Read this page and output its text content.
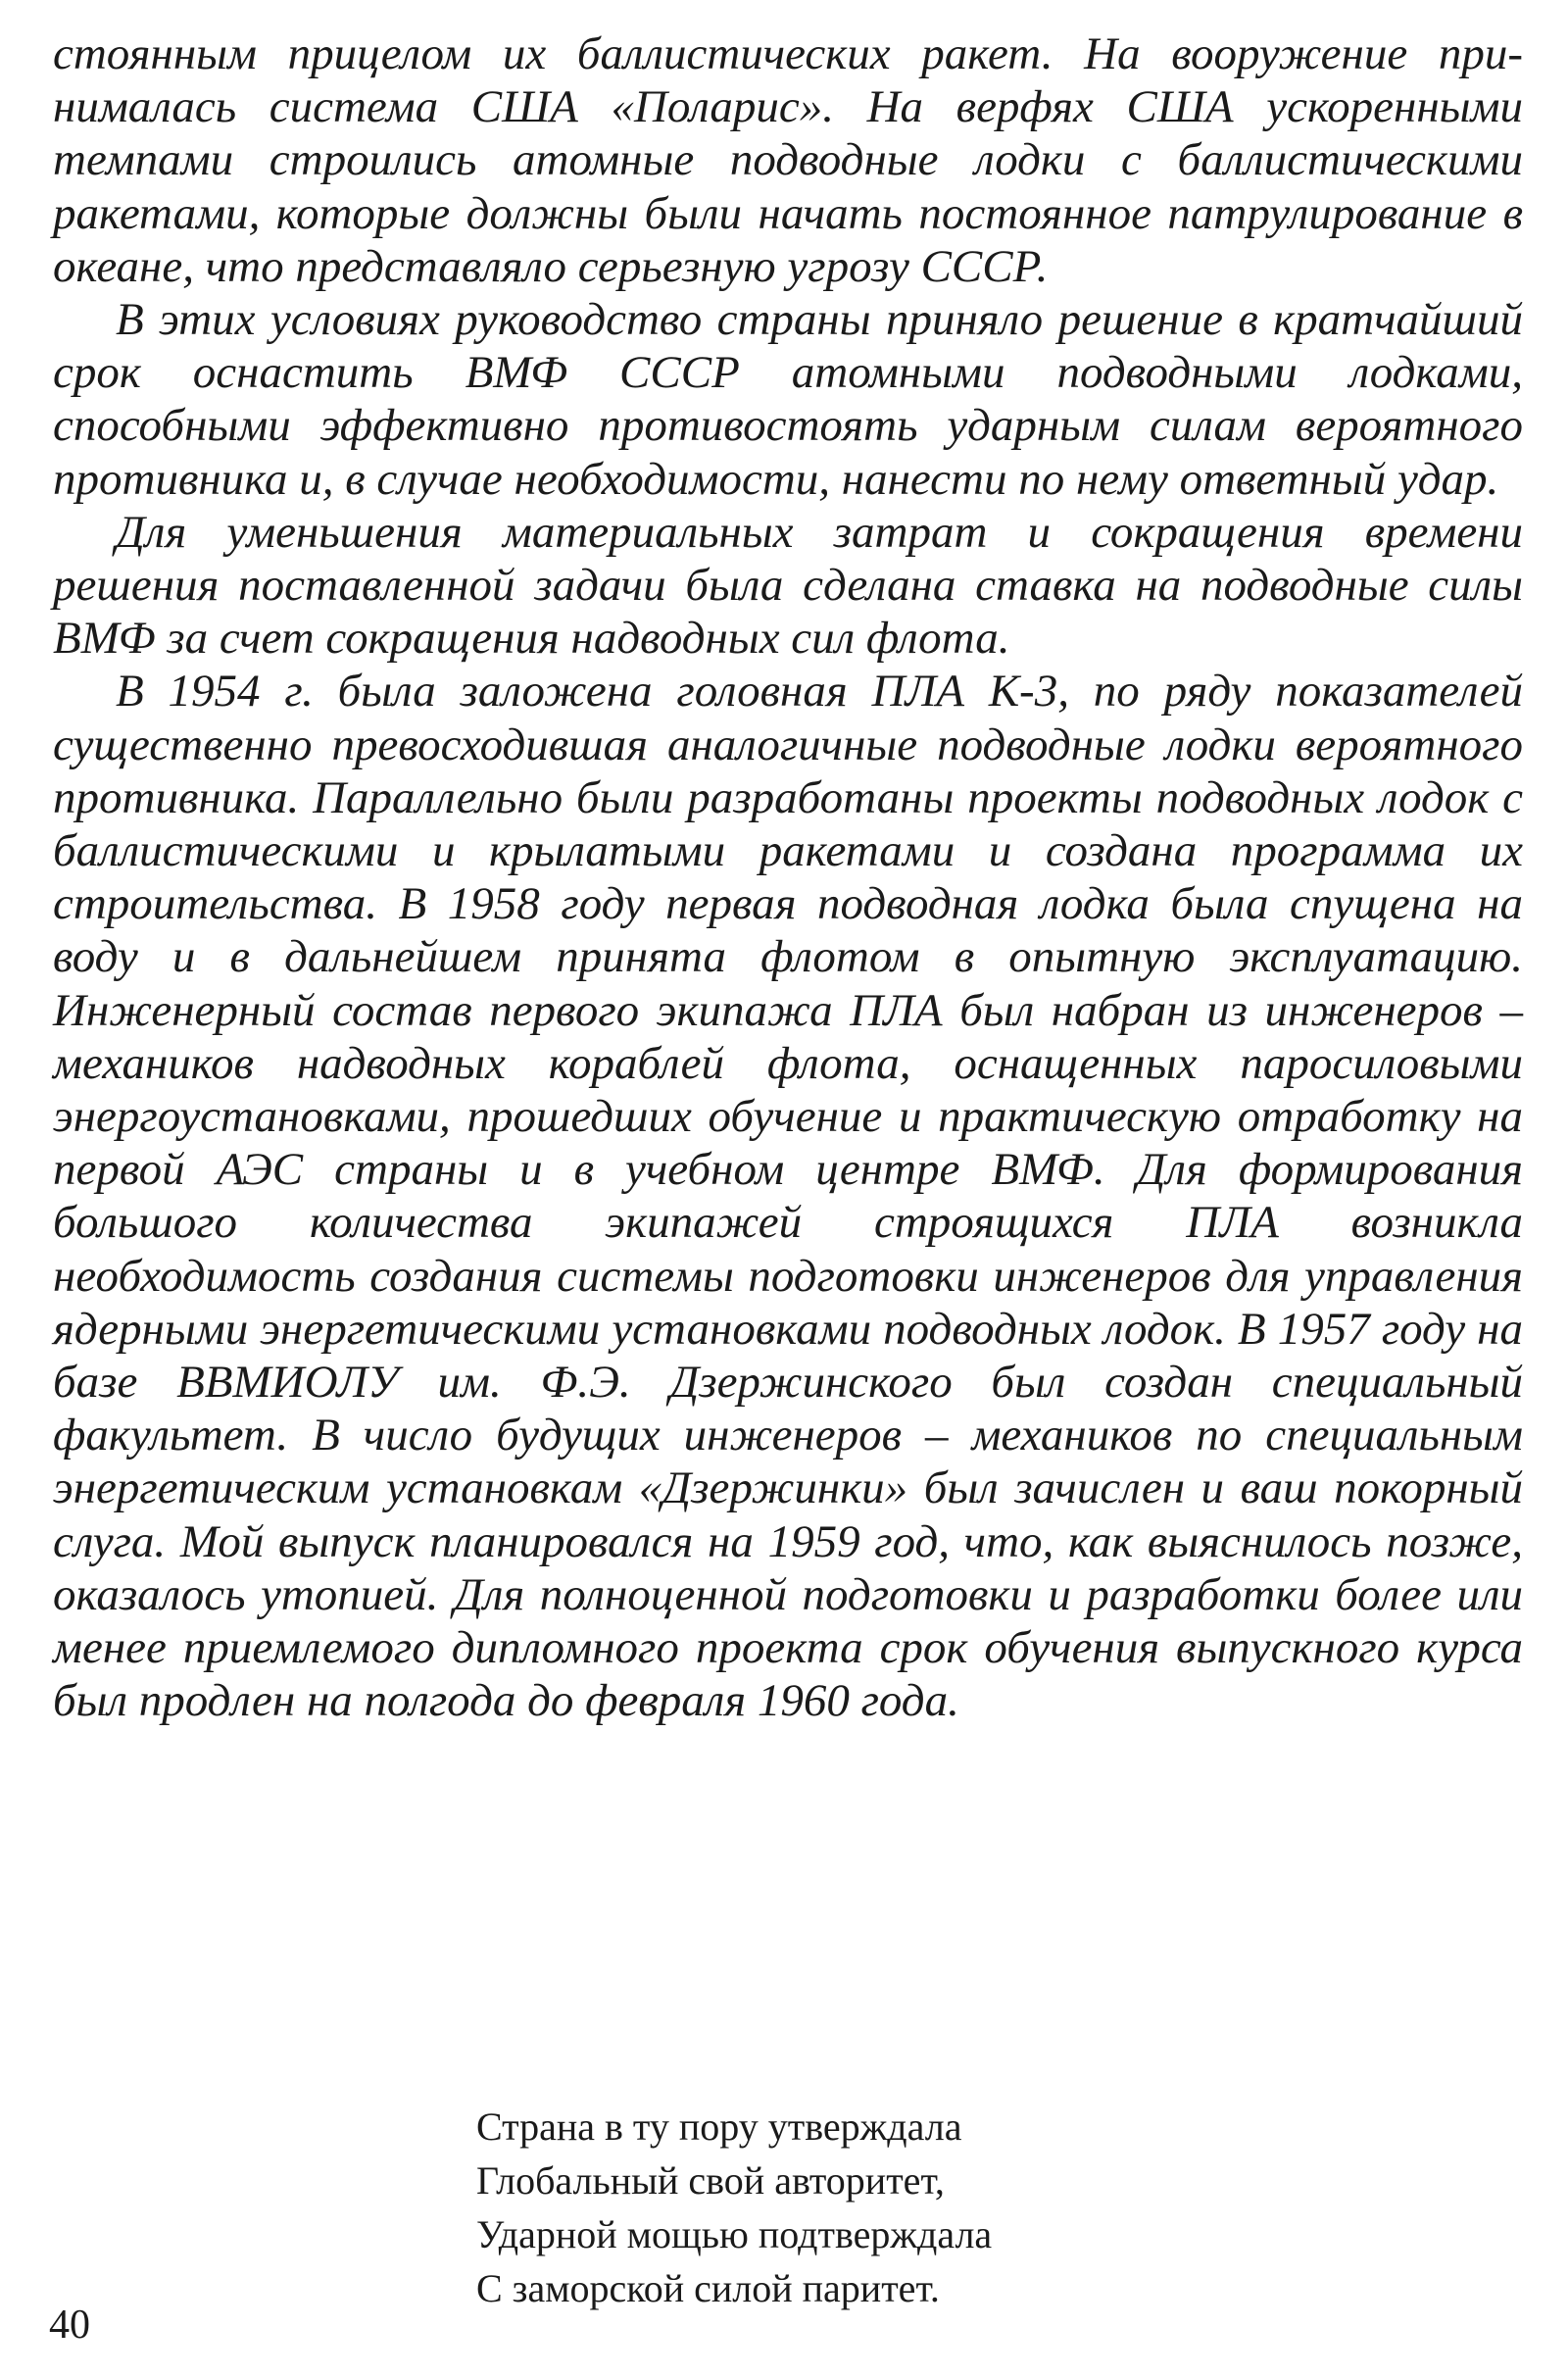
стоянным прицелом их баллистических ракет. На вооружение принималась система США «Поларис». На верфях США ускоренными темпами строились атомные подводные лодки с баллистическими ракетами, которые должны были начать постоянное патрулирование в океане, что представляло серьезную угрозу СССР.

В этих условиях руководство страны приняло решение в кратчайший срок оснастить ВМФ СССР атомными подводными лодками, способными эффективно противостоять ударным силам вероятного противника и, в случае необходимости, нанести по нему ответный удар.

Для уменьшения материальных затрат и сокращения времени решения поставленной задачи была сделана ставка на подводные силы ВМФ за счет сокращения надводных сил флота.

В 1954 г. была заложена головная ПЛА К-3, по ряду показателей существенно превосходившая аналогичные подводные лодки вероятного противника. Параллельно были разработаны проекты подводных лодок с баллистическими и крылатыми ракетами и создана программа их строительства. В 1958 году первая подводная лодка была спущена на воду и в дальнейшем принята флотом в опытную эксплуатацию. Инженерный состав первого экипажа ПЛА был набран из инженеров – механиков надводных кораблей флота, оснащенных паросиловыми энергоустановками, прошедших обучение и практическую отработку на первой АЭС страны и в учебном центре ВМФ. Для формирования большого количества экипажей строящихся ПЛА возникла необходимость создания системы подготовки инженеров для управления ядерными энергетическими установками подводных лодок. В 1957 году на базе ВВМИОЛУ им. Ф.Э. Дзержинского был создан специальный факультет. В число будущих инженеров – механиков по специальным энергетическим установкам «Дзержинки» был зачислен и ваш покорный слуга. Мой выпуск планировался на 1959 год, что, как выяснилось позже, оказалось утопией. Для полноценной подготовки и разработки более или менее приемлемого дипломного проекта срок обучения выпускного курса был продлен на полгода до февраля 1960 года.

Страна в ту пору утверждала
Глобальный свой авторитет,
Ударной мощью подтверждала
С заморской силой паритет.
40
